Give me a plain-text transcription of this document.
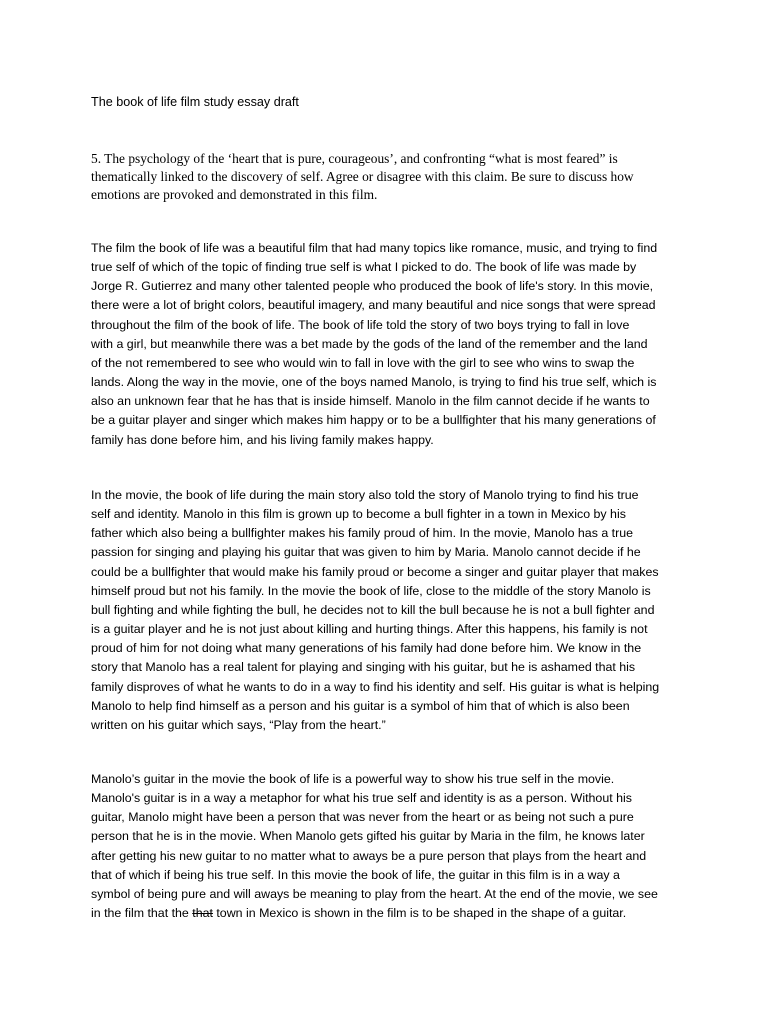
The book of life film study essay draft
5. The psychology of the ‘heart that is pure, courageous’, and confronting “what is most feared” is thematically linked to the discovery of self. Agree or disagree with this claim. Be sure to discuss how emotions are provoked and demonstrated in this film.
The film the book of life was a beautiful film that had many topics like romance, music, and trying to find
true self of which of the topic of finding true self is what I picked to do. The book of life was made by
Jorge R. Gutierrez and many other talented people who produced the book of life's story. In this movie,
there were a lot of bright colors, beautiful imagery, and many beautiful and nice songs that were spread
throughout the film of the book of life. The book of life told the story of two boys trying to fall in love
with a girl, but meanwhile there was a bet made by the gods of the land of the remember and the land
of the not remembered to see who would win to fall in love with the girl to see who wins to swap the
lands. Along the way in the movie, one of the boys named Manolo, is trying to find his true self, which is
also an unknown fear that he has that is inside himself. Manolo in the film cannot decide if he wants to
be a guitar player and singer which makes him happy or to be a bullfighter that his many generations of
family has done before him, and his living family makes happy.
In the movie, the book of life during the main story also told the story of Manolo trying to find his true
self and identity. Manolo in this film is grown up to become a bull fighter in a town in Mexico by his
father which also being a bullfighter makes his family proud of him. In the movie, Manolo has a true
passion for singing and playing his guitar that was given to him by Maria. Manolo cannot decide if he
could be a bullfighter that would make his family proud or become a singer and guitar player that makes
himself proud but not his family. In the movie the book of life, close to the middle of the story Manolo is
bull fighting and while fighting the bull, he decides not to kill the bull because he is not a bull fighter and
is a guitar player and he is not just about killing and hurting things. After this happens, his family is not
proud of him for not doing what many generations of his family had done before him. We know in the
story that Manolo has a real talent for playing and singing with his guitar, but he is ashamed that his
family disproves of what he wants to do in a way to find his identity and self. His guitar is what is helping
Manolo to help find himself as a person and his guitar is a symbol of him that of which is also been
written on his guitar which says, “Play from the heart.”
Manolo’s guitar in the movie the book of life is a powerful way to show his true self in the movie.
Manolo's guitar is in a way a metaphor for what his true self and identity is as a person. Without his
guitar, Manolo might have been a person that was never from the heart or as being not such a pure
person that he is in the movie. When Manolo gets gifted his guitar by Maria in the film, he knows later
after getting his new guitar to no matter what to aways be a pure person that plays from the heart and
that of which if being his true self. In this movie the book of life, the guitar in this film is in a way a
symbol of being pure and will aways be meaning to play from the heart. At the end of the movie, we see
in the film that the that town in Mexico is shown in the film is to be shaped in the shape of a guitar.
